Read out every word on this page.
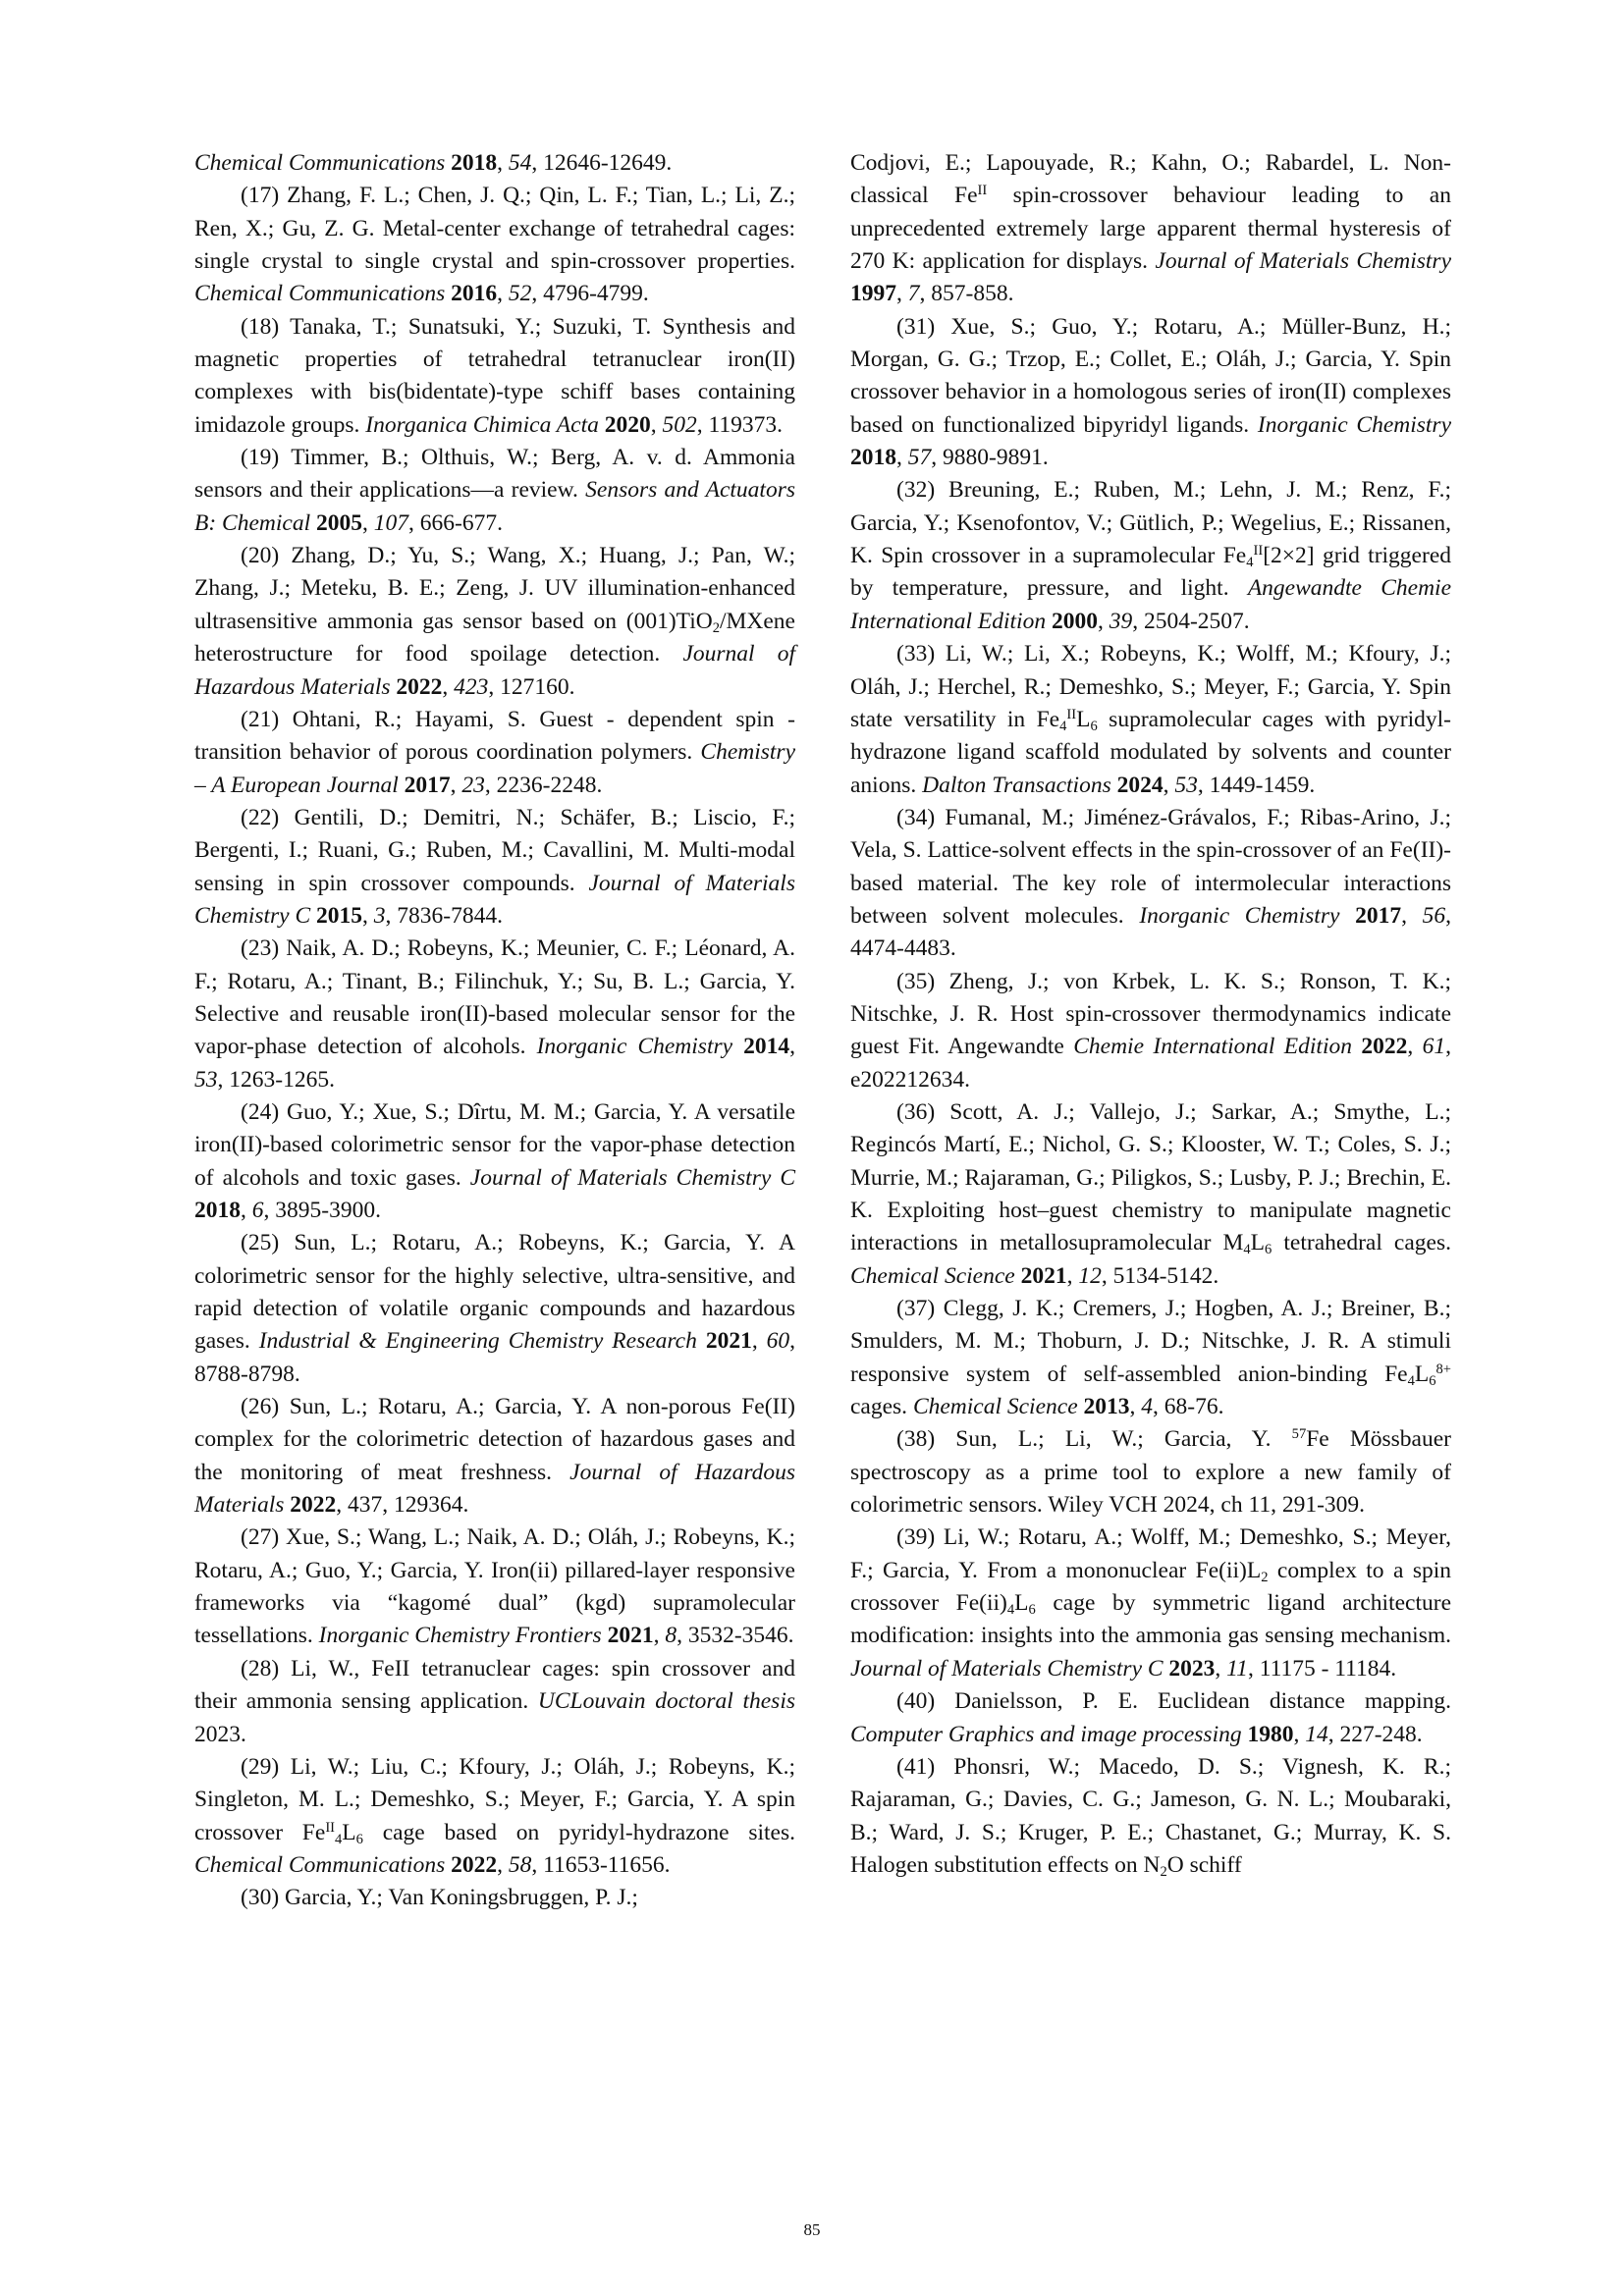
Chemical Communications 2018, 54, 12646-12649.

(17) Zhang, F. L.; Chen, J. Q.; Qin, L. F.; Tian, L.; Li, Z.; Ren, X.; Gu, Z. G. Metal-center exchange of tetrahedral cages: single crystal to single crystal and spin-crossover properties. Chemical Communications 2016, 52, 4796-4799.

(18) Tanaka, T.; Sunatsuki, Y.; Suzuki, T. Synthesis and magnetic properties of tetrahedral tetranuclear iron(II) complexes with bis(bidentate)-type schiff bases containing imidazole groups. Inorganica Chimica Acta 2020, 502, 119373.

(19) Timmer, B.; Olthuis, W.; Berg, A. v. d. Ammonia sensors and their applications—a review. Sensors and Actuators B: Chemical 2005, 107, 666-677.

(20) Zhang, D.; Yu, S.; Wang, X.; Huang, J.; Pan, W.; Zhang, J.; Meteku, B. E.; Zeng, J. UV illumination-enhanced ultrasensitive ammonia gas sensor based on (001)TiO$_2$/MXene heterostructure for food spoilage detection. Journal of Hazardous Materials 2022, 423, 127160.

(21) Ohtani, R.; Hayami, S. Guest - dependent spin - transition behavior of porous coordination polymers. Chemistry – A European Journal 2017, 23, 2236-2248.

(22) Gentili, D.; Demitri, N.; Schäfer, B.; Liscio, F.; Bergenti, I.; Ruani, G.; Ruben, M.; Cavallini, M. Multi-modal sensing in spin crossover compounds. Journal of Materials Chemistry C 2015, 3, 7836-7844.

(23) Naik, A. D.; Robeyns, K.; Meunier, C. F.; Léonard, A. F.; Rotaru, A.; Tinant, B.; Filinchuk, Y.; Su, B. L.; Garcia, Y. Selective and reusable iron(II)-based molecular sensor for the vapor-phase detection of alcohols. Inorganic Chemistry 2014, 53, 1263-1265.

(24) Guo, Y.; Xue, S.; Dîrtu, M. M.; Garcia, Y. A versatile iron(II)-based colorimetric sensor for the vapor-phase detection of alcohols and toxic gases. Journal of Materials Chemistry C 2018, 6, 3895-3900.

(25) Sun, L.; Rotaru, A.; Robeyns, K.; Garcia, Y. A colorimetric sensor for the highly selective, ultra-sensitive, and rapid detection of volatile organic compounds and hazardous gases. Industrial & Engineering Chemistry Research 2021, 60, 8788-8798.

(26) Sun, L.; Rotaru, A.; Garcia, Y. A non-porous Fe(II) complex for the colorimetric detection of hazardous gases and the monitoring of meat freshness. Journal of Hazardous Materials 2022, 437, 129364.

(27) Xue, S.; Wang, L.; Naik, A. D.; Oláh, J.; Robeyns, K.; Rotaru, A.; Guo, Y.; Garcia, Y. Iron(ii) pillared-layer responsive frameworks via “kagomé dual” (kgd) supramolecular tessellations. Inorganic Chemistry Frontiers 2021, 8, 3532-3546.

(28) Li, W., FeII tetranuclear cages: spin crossover and their ammonia sensing application. UCLouvain doctoral thesis 2023.

(29) Li, W.; Liu, C.; Kfoury, J.; Oláh, J.; Robeyns, K.; Singleton, M. L.; Demeshko, S.; Meyer, F.; Garcia, Y. A spin crossover $Fe^{II}_4L_6$ cage based on pyridyl-hydrazone sites. Chemical Communications 2022, 58, 11653-11656.

(30) Garcia, Y.; Van Koningsbruggen, P. J.;

Codjovi, E.; Lapouyade, R.; Kahn, O.; Rabardel, L. Non-classical $Fe^{II}$ spin-crossover behaviour leading to an unprecedented extremely large apparent thermal hysteresis of 270 K: application for displays. Journal of Materials Chemistry 1997, 7, 857-858.

(31) Xue, S.; Guo, Y.; Rotaru, A.; Müller-Bunz, H.; Morgan, G. G.; Trzop, E.; Collet, E.; Oláh, J.; Garcia, Y. Spin crossover behavior in a homologous series of iron(II) complexes based on functionalized bipyridyl ligands. Inorganic Chemistry 2018, 57, 9880-9891.

(32) Breuning, E.; Ruben, M.; Lehn, J. M.; Renz, F.; Garcia, Y.; Ksenofontov, V.; Gütlich, P.; Wegelius, E.; Rissanen, K. Spin crossover in a supramolecular $Fe_4^{II}[2\times 2]$ grid triggered by temperature, pressure, and light. Angewandte Chemie International Edition 2000, 39, 2504-2507.

(33) Li, W.; Li, X.; Robeyns, K.; Wolff, M.; Kfoury, J.; Oláh, J.; Herchel, R.; Demeshko, S.; Meyer, F.; Garcia, Y. Spin state versatility in $Fe_4^{II}L_6$ supramolecular cages with pyridyl-hydrazone ligand scaffold modulated by solvents and counter anions. Dalton Transactions 2024, 53, 1449-1459.

(34) Fumanal, M.; Jiménez-Grávalos, F.; Ribas-Arino, J.; Vela, S. Lattice-solvent effects in the spin-crossover of an Fe(II)-based material. The key role of intermolecular interactions between solvent molecules. Inorganic Chemistry 2017, 56, 4474-4483.

(35) Zheng, J.; von Krbek, L. K. S.; Ronson, T. K.; Nitschke, J. R. Host spin-crossover thermodynamics indicate guest Fit. Angewandte Chemie International Edition 2022, 61, e202212634.

(36) Scott, A. J.; Vallejo, J.; Sarkar, A.; Smythe, L.; Regincós Martí, E.; Nichol, G. S.; Klooster, W. T.; Coles, S. J.; Murrie, M.; Rajaraman, G.; Piligkos, S.; Lusby, P. J.; Brechin, E. K. Exploiting host–guest chemistry to manipulate magnetic interactions in metallosupramolecular $M_4L_6$ tetrahedral cages. Chemical Science 2021, 12, 5134-5142.

(37) Clegg, J. K.; Cremers, J.; Hogben, A. J.; Breiner, B.; Smulders, M. M.; Thoburn, J. D.; Nitschke, J. R. A stimuli responsive system of self-assembled anion-binding $Fe_4L_6^{8+}$ cages. Chemical Science 2013, 4, 68-76.

(38) Sun, L.; Li, W.; Garcia, Y. $^{57}$Fe Mössbauer spectroscopy as a prime tool to explore a new family of colorimetric sensors. Wiley VCH 2024, ch 11, 291-309.

(39) Li, W.; Rotaru, A.; Wolff, M.; Demeshko, S.; Meyer, F.; Garcia, Y. From a mononuclear $Fe(ii)L_2$ complex to a spin crossover $Fe(ii)_4L_6$ cage by symmetric ligand architecture modification: insights into the ammonia gas sensing mechanism. Journal of Materials Chemistry C 2023, 11, 11175 - 11184.

(40) Danielsson, P. E. Euclidean distance mapping. Computer Graphics and image processing 1980, 14, 227-248.

(41) Phonsri, W.; Macedo, D. S.; Vignesh, K. R.; Rajaraman, G.; Davies, C. G.; Jameson, G. N. L.; Moubaraki, B.; Ward, J. S.; Kruger, P. E.; Chastanet, G.; Murray, K. S. Halogen substitution effects on $N_2O$ schiff

85
